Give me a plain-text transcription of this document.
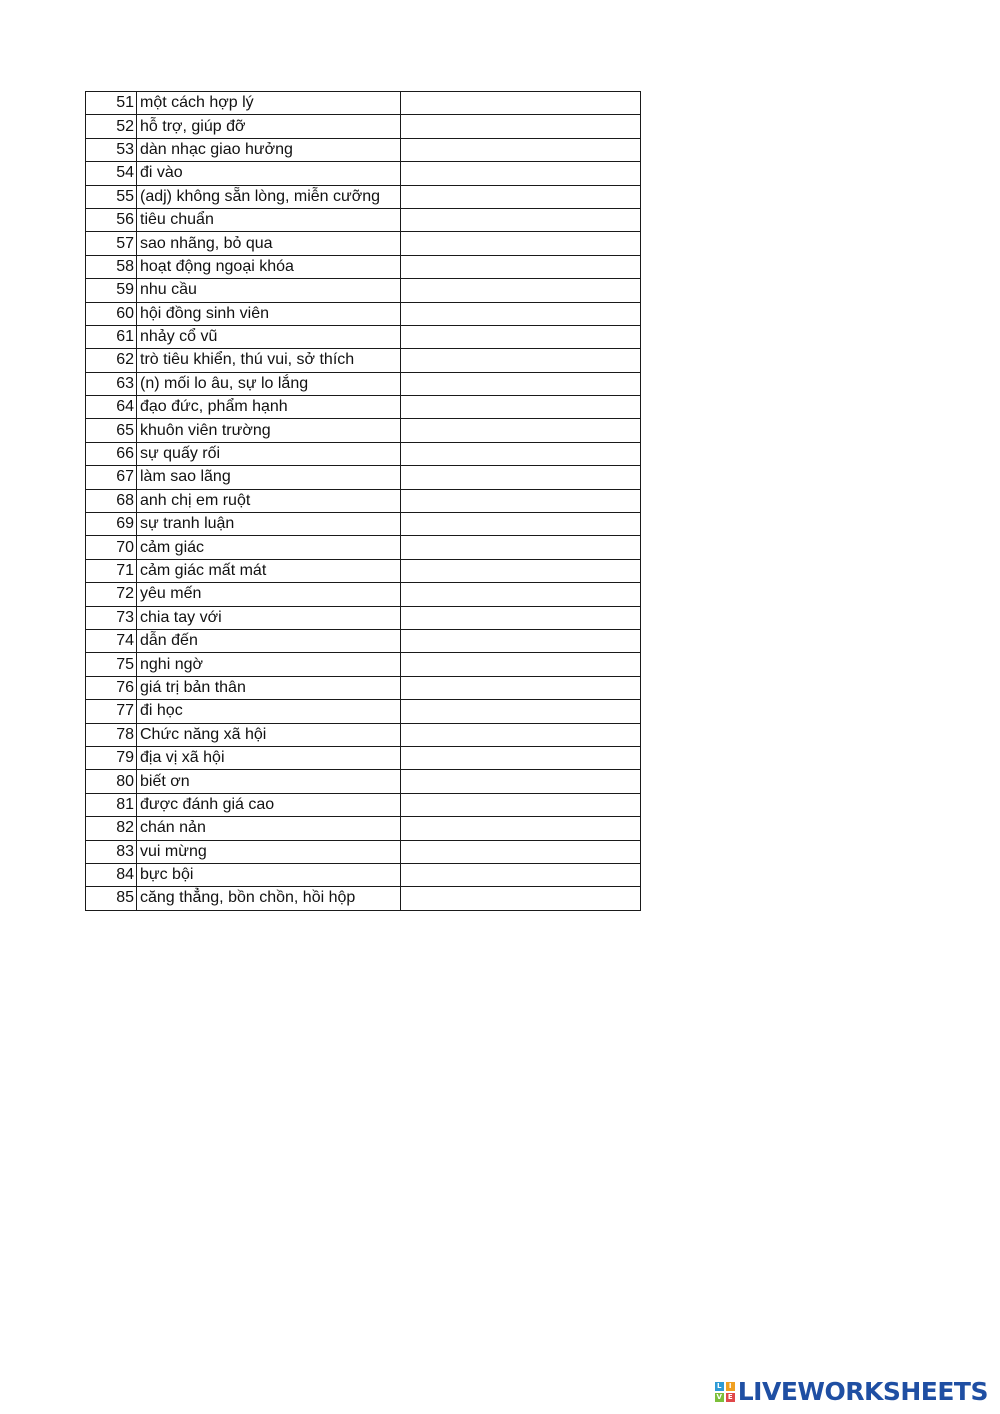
51	một cách hợp lý	
52	hỗ trợ, giúp đỡ	
53	dàn nhạc giao hưởng	
54	đi vào	
55	(adj) không sẵn lòng, miễn cưỡng	
56	tiêu chuẩn	
57	sao nhãng, bỏ qua	
58	hoạt động ngoại khóa	
59	nhu cầu	
60	hội đồng sinh viên	
61	nhảy cổ vũ	
62	trò tiêu khiển, thú vui, sở thích	
63	(n) mối lo âu, sự lo lắng	
64	đạo đức, phẩm hạnh	
65	khuôn viên trường	
66	sự quấy rối	
67	làm sao lãng	
68	anh chị em ruột	
69	sự tranh luận	
70	cảm giác	
71	cảm giác mất mát	
72	yêu mến	
73	chia tay với	
74	dẫn đến	
75	nghi ngờ	
76	giá trị bản thân	
77	đi học	
78	Chức năng xã hội	
79	địa vị xã hội	
80	biết ơn	
81	được đánh giá cao	
82	chán nản	
83	vui mừng	
84	bực bội	
85	căng thẳng, bồn chồn, hồi hộp	
L	I
V E LIVEWORKSHEETS
